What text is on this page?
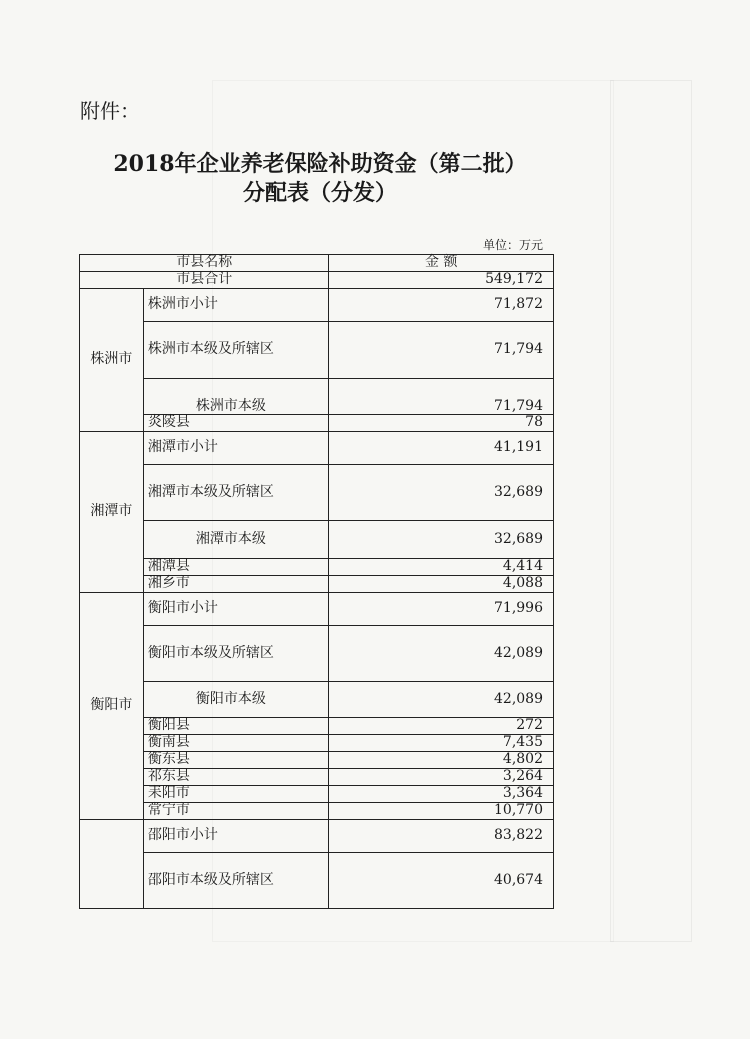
附件：
2018年企业养老保险补助资金（第二批）
分配表（分发）
单位：万元
市县名称		金 额
市县合计		549,172
株洲市	株洲市小计	71,872
	株洲市本级及所辖区	71,794
	株洲市本级	71,794
	炎陵县	78
湘潭市	湘潭市小计	41,191
	湘潭市本级及所辖区	32,689
	湘潭市本级	32,689
	湘潭县	4,414
	湘乡市	4,088
衡阳市	衡阳市小计	71,996
	衡阳市本级及所辖区	42,089
	衡阳市本级	42,089
	衡阳县	272
	衡南县	7,435
	衡东县	4,802
	祁东县	3,264
	耒阳市	3,364
	常宁市	10,770
	邵阳市小计	83,822
	邵阳市本级及所辖区	40,674
